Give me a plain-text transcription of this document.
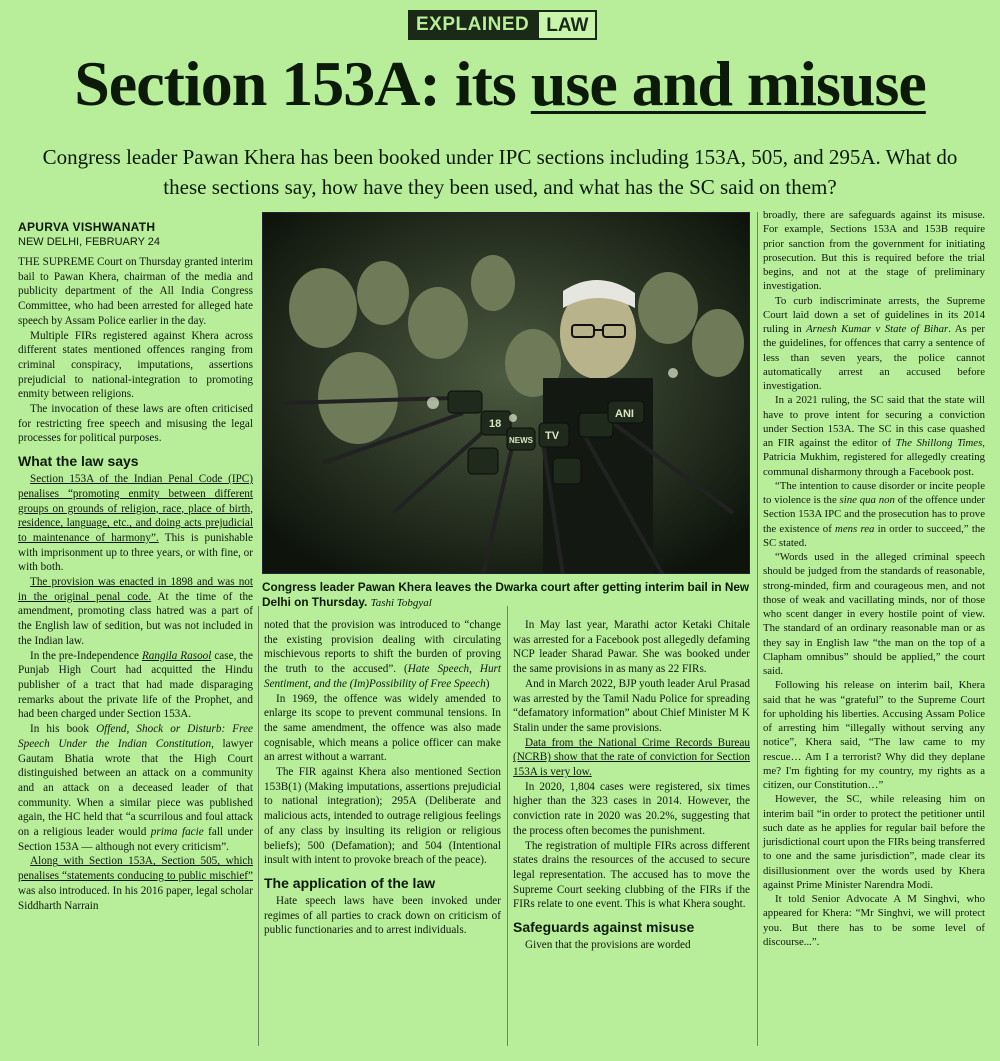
EXPLAINED LAW
Section 153A: its use and misuse
Congress leader Pawan Khera has been booked under IPC sections including 153A, 505, and 295A. What do these sections say, how have they been used, and what has the SC said on them?
APURVA VISHWANATH
NEW DELHI, FEBRUARY 24

THE SUPREME Court on Thursday granted interim bail to Pawan Khera, chairman of the media and publicity department of the All India Congress Committee, who had been arrested for alleged hate speech by Assam Police earlier in the day.

Multiple FIRs registered against Khera across different states mentioned offences ranging from criminal conspiracy, imputations, assertions prejudicial to national-integration to promoting enmity between religions.

The invocation of these laws are often criticised for restricting free speech and misusing the legal processes for political purposes.

What the law says

Section 153A of the Indian Penal Code (IPC) penalises “promoting enmity between different groups on grounds of religion, race, place of birth, residence, language, etc., and doing acts prejudicial to maintenance of harmony”. This is punishable with imprisonment up to three years, or with fine, or with both.

The provision was enacted in 1898 and was not in the original penal code. At the time of the amendment, promoting class hatred was a part of the English law of sedition, but was not included in the Indian law.

In the pre-Independence Rangila Rasool case, the Punjab High Court had acquitted the Hindu publisher of a tract that had made disparaging remarks about the private life of the Prophet, and had been charged under Section 153A.

In his book Offend, Shock or Disturb: Free Speech Under the Indian Constitution, lawyer Gautam Bhatia wrote that the High Court distinguished between an attack on a community and an attack on a deceased leader of that community. When a similar piece was published again, the HC held that “a scurrilous and foul attack on a religious leader would prima facie fall under Section 153A — although not every criticism”.

Along with Section 153A, Section 505, which penalises “statements conducing to public mischief” was also introduced. In his 2016 paper, legal scholar Siddharth Narrain

ANI
18
NEWS TV
Congress leader Pawan Khera leaves the Dwarka court after getting interim bail in New Delhi on Thursday. Tashi Tobgyal

noted that the provision was introduced to “change the existing provision dealing with circulating mischievous reports to shift the burden of proving the truth to the accused”. (Hate Speech, Hurt Sentiment, and the (Im)Possibility of Free Speech)

In 1969, the offence was widely amended to enlarge its scope to prevent communal tensions. In the same amendment, the offence was also made cognisable, which means a police officer can make an arrest without a warrant.

The FIR against Khera also mentioned Section 153B(1) (Making imputations, assertions prejudicial to national integration); 295A (Deliberate and malicious acts, intended to outrage religious feelings of any class by insulting its religion or religious beliefs); 500 (Defamation); and 504 (Intentional insult with intent to provoke breach of the peace).

The application of the law

Hate speech laws have been invoked under regimes of all parties to crack down on criticism of public functionaries and to arrest individuals.

In May last year, Marathi actor Ketaki Chitale was arrested for a Facebook post allegedly defaming NCP leader Sharad Pawar. She was booked under the same provisions in as many as 22 FIRs.

And in March 2022, BJP youth leader Arul Prasad was arrested by the Tamil Nadu Police for spreading “defamatory information” about Chief Minister M K Stalin under the same provisions.

Data from the National Crime Records Bureau (NCRB) show that the rate of conviction for Section 153A is very low.

In 2020, 1,804 cases were registered, six times higher than the 323 cases in 2014. However, the conviction rate in 2020 was 20.2%, suggesting that the process often becomes the punishment.

The registration of multiple FIRs across different states drains the resources of the accused to secure legal representation. The accused has to move the Supreme Court seeking clubbing of the FIRs if the FIRs relate to one event. This is what Khera sought.

Safeguards against misuse

Given that the provisions are worded

broadly, there are safeguards against its misuse. For example, Sections 153A and 153B require prior sanction from the government for initiating prosecution. But this is required before the trial begins, and not at the stage of preliminary investigation.

To curb indiscriminate arrests, the Supreme Court laid down a set of guidelines in its 2014 ruling in Arnesh Kumar v State of Bihar. As per the guidelines, for offences that carry a sentence of less than seven years, the police cannot automatically arrest an accused before investigation.

In a 2021 ruling, the SC said that the state will have to prove intent for securing a conviction under Section 153A. The SC in this case quashed an FIR against the editor of The Shillong Times, Patricia Mukhim, registered for allegedly creating communal disharmony through a Facebook post.

“The intention to cause disorder or incite people to violence is the sine qua non of the offence under Section 153A IPC and the prosecution has to prove the existence of mens rea in order to succeed,” the SC stated.

“Words used in the alleged criminal speech should be judged from the standards of reasonable, strong-minded, firm and courageous men, and not those of weak and vacillating minds, nor of those who scent danger in every hostile point of view. The standard of an ordinary reasonable man or as they say in English law “the man on the top of a Clapham omnibus” should be applied,” the court said.

Following his release on interim bail, Khera said that he was “grateful” to the Supreme Court for upholding his liberties. Accusing Assam Police of arresting him “illegally without serving any notice”, Khera said, “The law came to my rescue… Am I a terrorist? Why did they deplane me? I'm fighting for my country, my rights as a citizen, our Constitution…”

However, the SC, while releasing him on interim bail “in order to protect the petitioner until such date as he applies for regular bail before the jurisdictional court upon the FIRs being transferred to one and the same jurisdiction”, made clear its disillusionment over the words used by Khera against Prime Minister Narendra Modi.

It told Senior Advocate A M Singhvi, who appeared for Khera: “Mr Singhvi, we will protect you. But there has to be some level of discourse...”.
